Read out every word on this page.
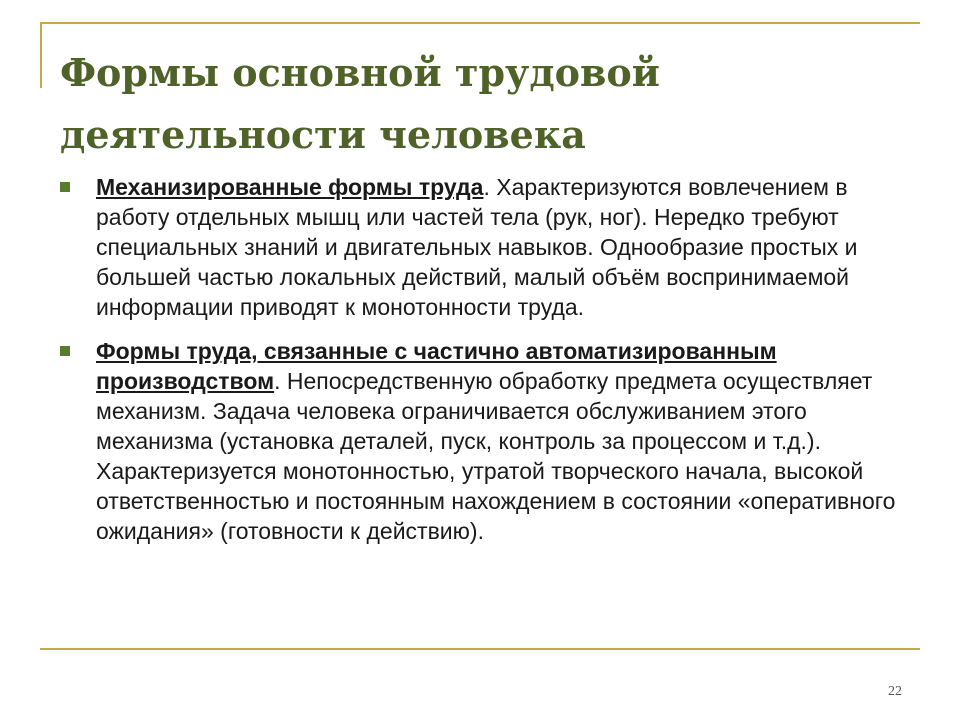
Формы основной трудовой
деятельности человека
Механизированные формы труда. Характеризуются вовлечением в работу отдельных мышц или частей тела (рук, ног). Нередко требуют специальных знаний и двигательных навыков. Однообразие простых и большей частью локальных действий, малый объём воспринимаемой информации приводят к монотонности труда.
Формы труда, связанные с частично автоматизированным производством. Непосредственную обработку предмета осуществляет механизм. Задача человека ограничивается обслуживанием этого механизма (установка деталей, пуск, контроль за процессом и т.д.). Характеризуется монотонностью, утратой творческого начала, высокой ответственностью и постоянным нахождением в состоянии «оперативного ожидания» (готовности к действию).
22
